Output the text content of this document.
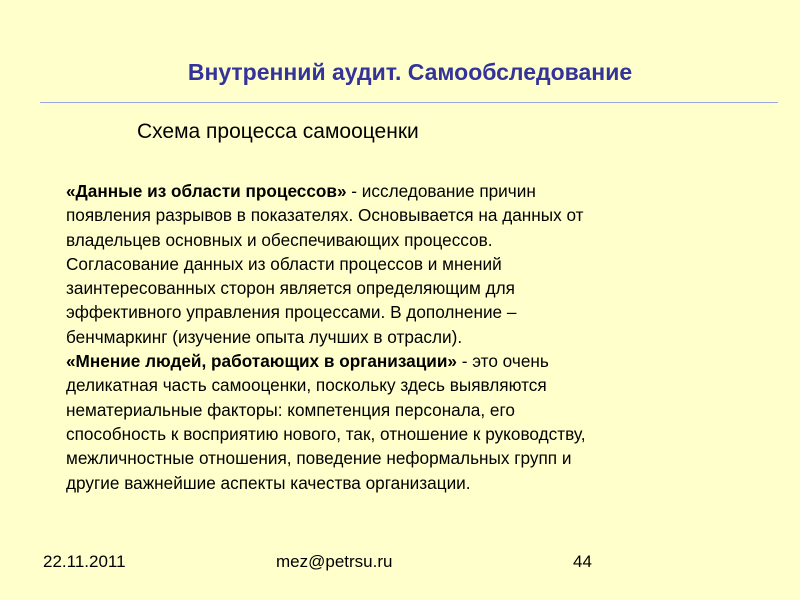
Внутренний аудит. Самообследование
Схема процесса самооценки
«Данные из области процессов» - исследование причин
появления разрывов в показателях. Основывается на данных от
владельцев основных и обеспечивающих процессов.
Согласование данных из области процессов и мнений
заинтересованных сторон является определяющим для
эффективного управления процессами. В дополнение –
бенчмаркинг (изучение опыта лучших в отрасли).
«Мнение людей, работающих в организации» - это очень
деликатная часть самооценки, поскольку здесь выявляются
нематериальные факторы: компетенция персонала, его
способность к восприятию нового, так, отношение к руководству,
межличностные отношения, поведение неформальных групп и
другие важнейшие аспекты качества организации.
22.11.2011	mez@petrsu.ru	44
